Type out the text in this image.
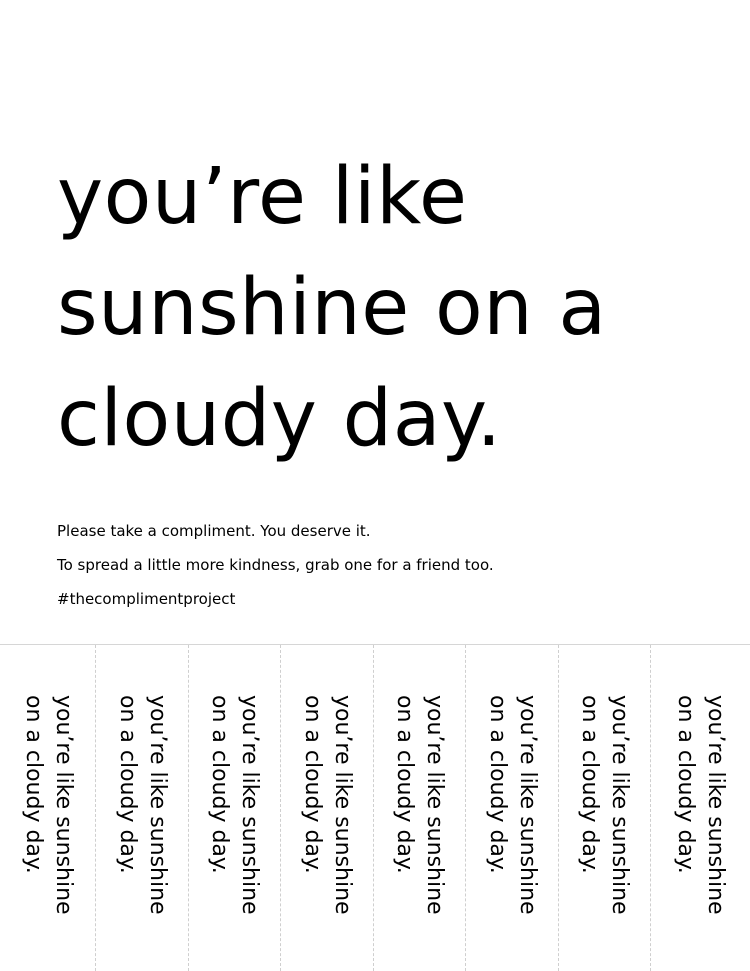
you’re like
sunshine on a
cloudy day.
Please take a compliment. You deserve it.
To spread a little more kindness, grab one for a friend too.
#thecomplimentproject
you’re like sunshine
on a cloudy day.	you’re like sunshine
on a cloudy day.	you’re like sunshine
on a cloudy day.	you’re like sunshine
on a cloudy day.	you’re like sunshine
on a cloudy day.	you’re like sunshine
on a cloudy day.	you’re like sunshine
on a cloudy day.	you’re like sunshine
on a cloudy day.
